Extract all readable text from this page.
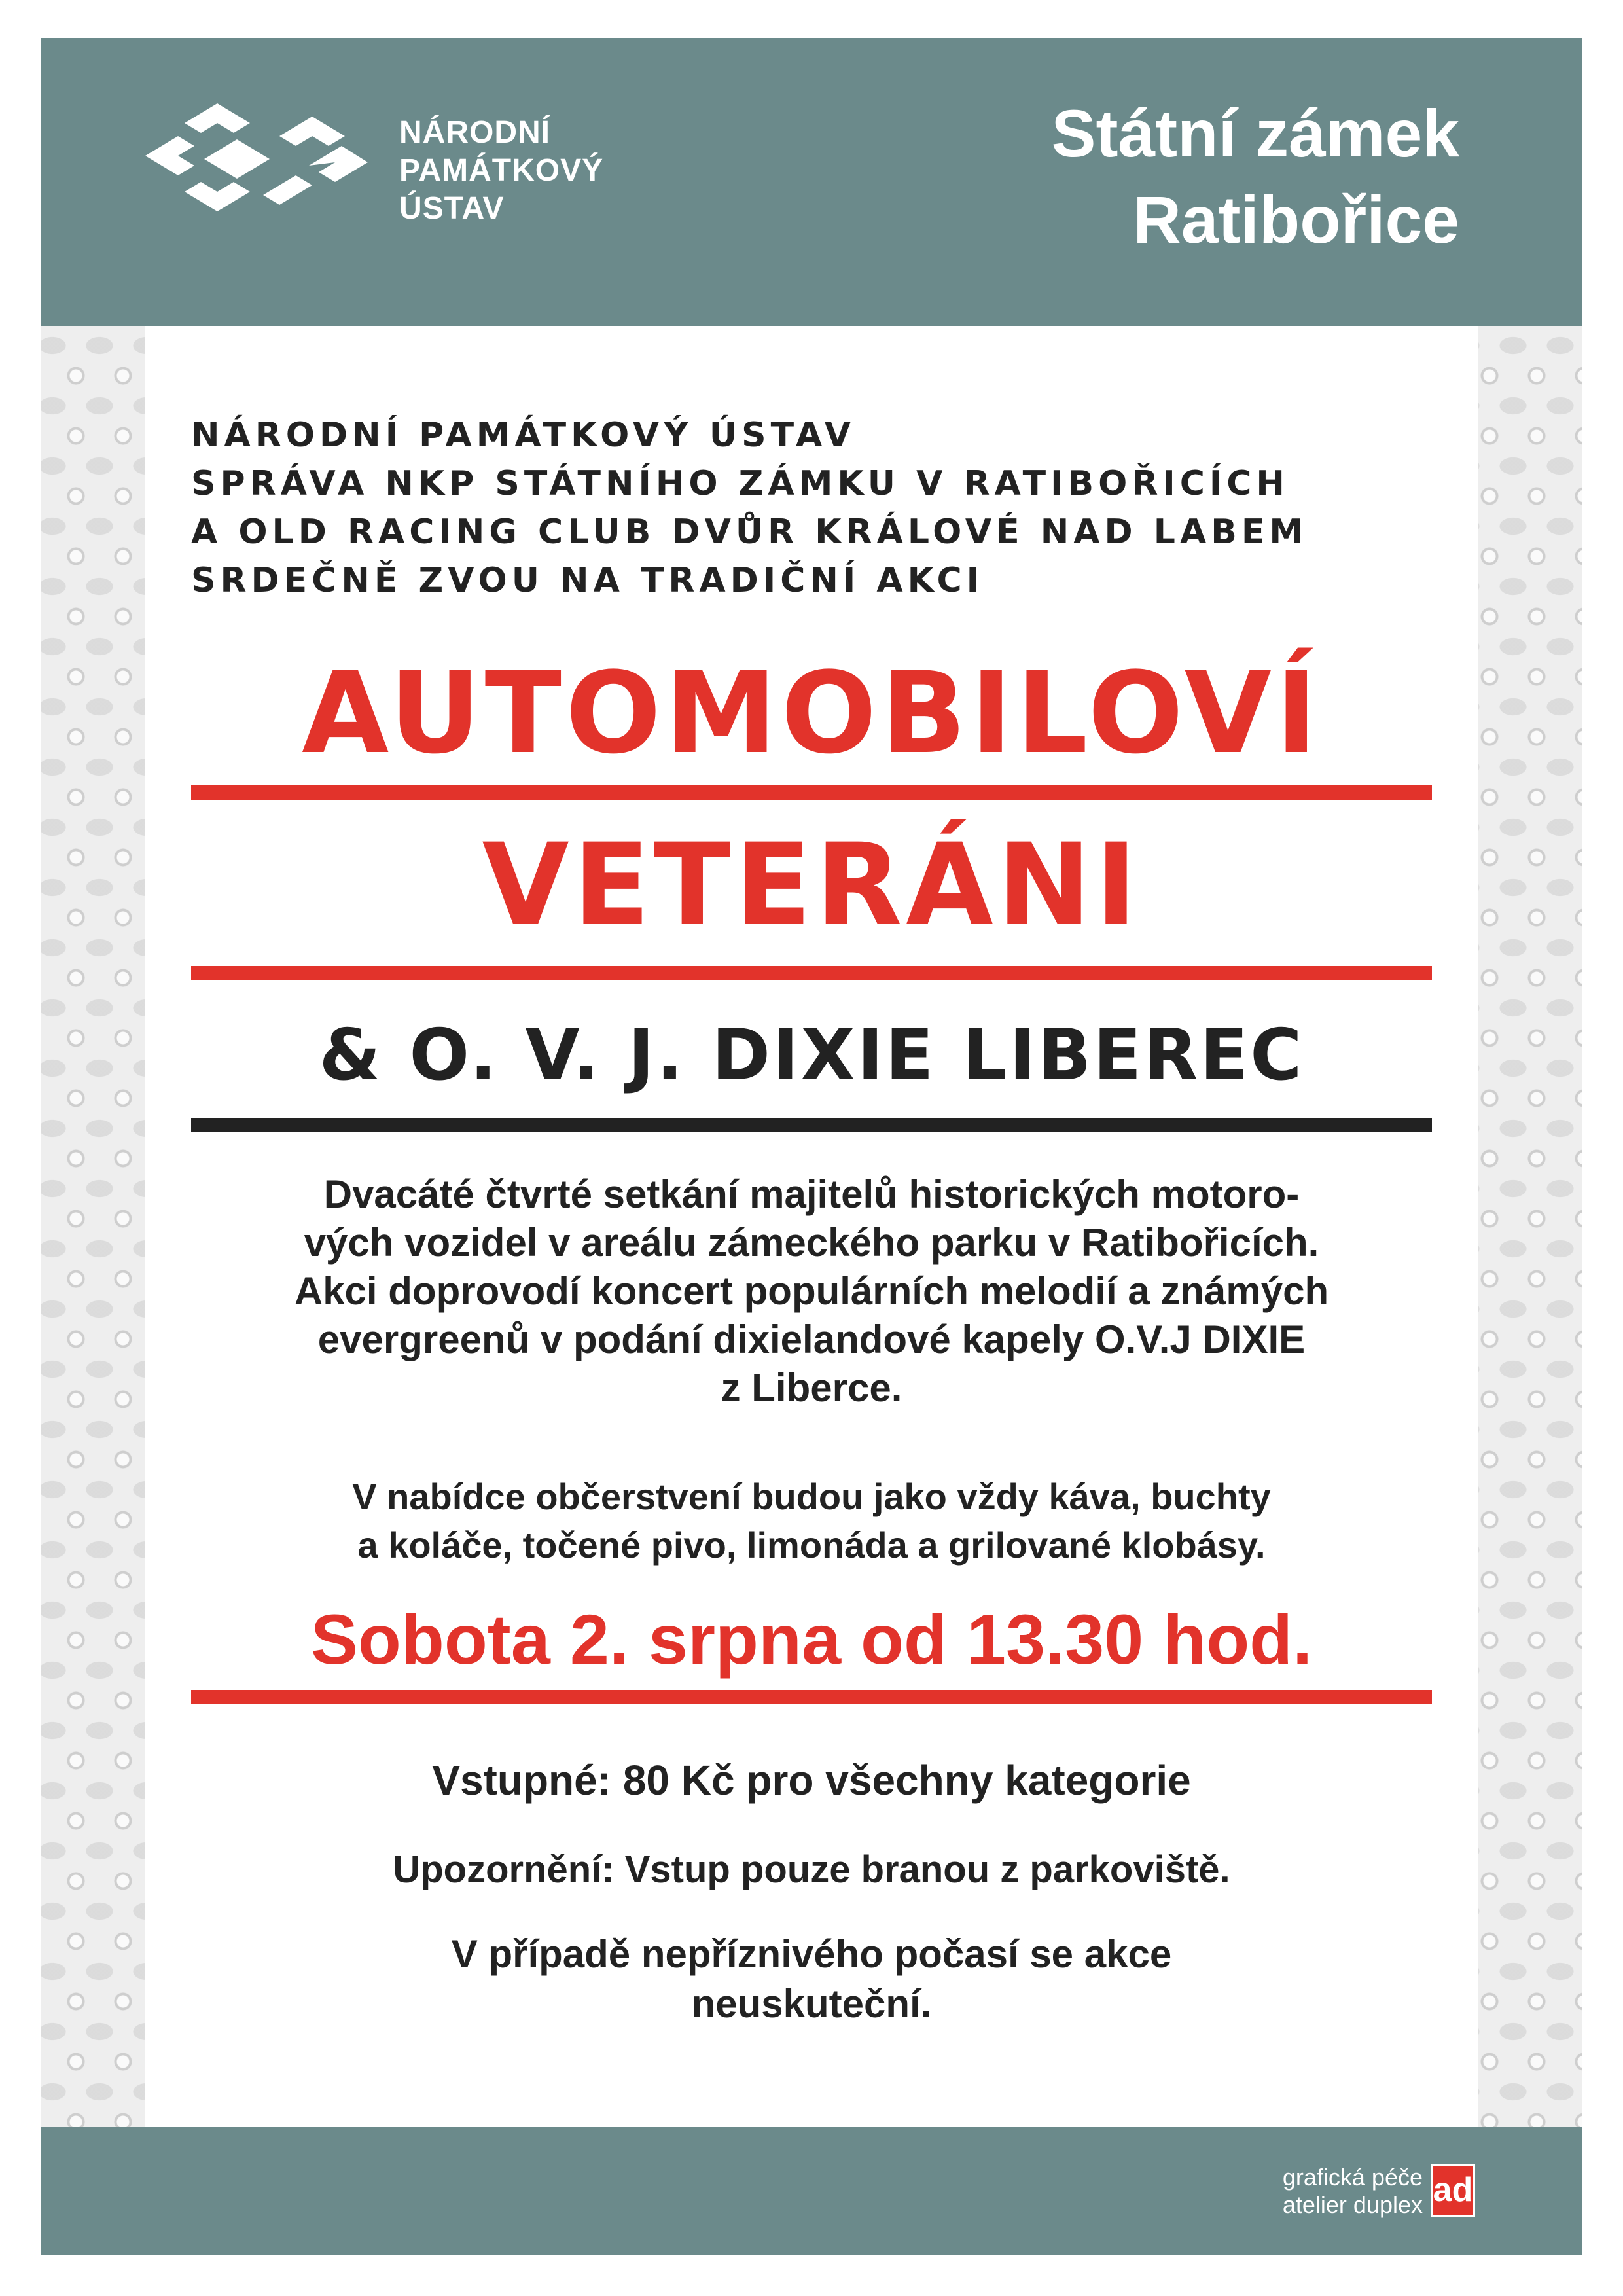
NÁRODNÍ
PAMÁTKOVÝ
ÚSTAV
Státní zámek
Ratibořice
NÁRODNÍ PAMÁTKOVÝ ÚSTAV
SPRÁVA NKP STÁTNÍHO ZÁMKU V RATIBOŘICÍCH
A OLD RACING CLUB DVŮR KRÁLOVÉ NAD LABEM
SRDEČNĚ ZVOU NA TRADIČNÍ AKCI
AUTOMOBILOVÍ
VETERÁNI
& O. V. J. DIXIE LIBEREC
Dvacáté čtvrté setkání majitelů historických motoro-
vých vozidel v areálu zámeckého parku v Ratibořicích.
Akci doprovodí koncert populárních melodií a známých
evergreenů v podání dixielandové kapely O.V.J DIXIE
z Liberce.
V nabídce občerstvení budou jako vždy káva, buchty
a koláče, točené pivo, limonáda a grilované klobásy.
Sobota 2. srpna od 13.30 hod.
Vstupné: 80 Kč pro všechny kategorie
Upozornění: Vstup pouze branou z parkoviště.
V případě nepříznivého počasí se akce
neuskuteční.
grafická péče
atelier duplex ad
